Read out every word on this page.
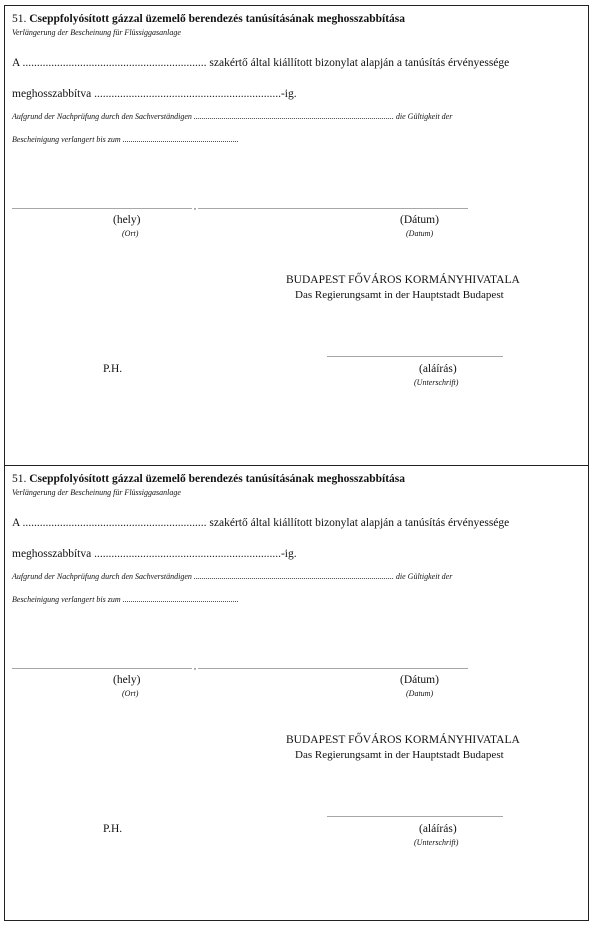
51. Cseppfolyósított gázzal üzemelő berendezés tanúsításának meghosszabbítása
Verlängerung der Bescheinung für Flüssiggasanlage
A ................................................................ szakértő által kiállított bizonylat alapján a tanúsítás érvényessége
meghosszabbítva .................................................................-ig.
Aufgrund der Nachprüfung durch den Sachverständigen .................................................................................................... die Gültigkeit der
Bescheinigung verlangert bis zum ..........................................................
.......................................................................................... , .......................................................................................................................................
(hely)
(Ort)
(Dátum)
(Datum)
BUDAPEST FŐVÁROS KORMÁNYHIVATALA
Das Regierungsamt in der Hauptstadt Budapest
P.H.
........................................................................................
(aláírás)
(Unterschrift)
51. Cseppfolyósított gázzal üzemelő berendezés tanúsításának meghosszabbítása
Verlängerung der Bescheinung für Flüssiggasanlage
A ................................................................ szakértő által kiállított bizonylat alapján a tanúsítás érvényessége
meghosszabbítva .................................................................-ig.
Aufgrund der Nachprüfung durch den Sachverständigen .................................................................................................... die Gültigkeit der
Bescheinigung verlangert bis zum ..........................................................
.......................................................................................... , .......................................................................................................................................
(hely)
(Ort)
(Dátum)
(Datum)
BUDAPEST FŐVÁROS KORMÁNYHIVATALA
Das Regierungsamt in der Hauptstadt Budapest
P.H.
........................................................................................
(aláírás)
(Unterschrift)
